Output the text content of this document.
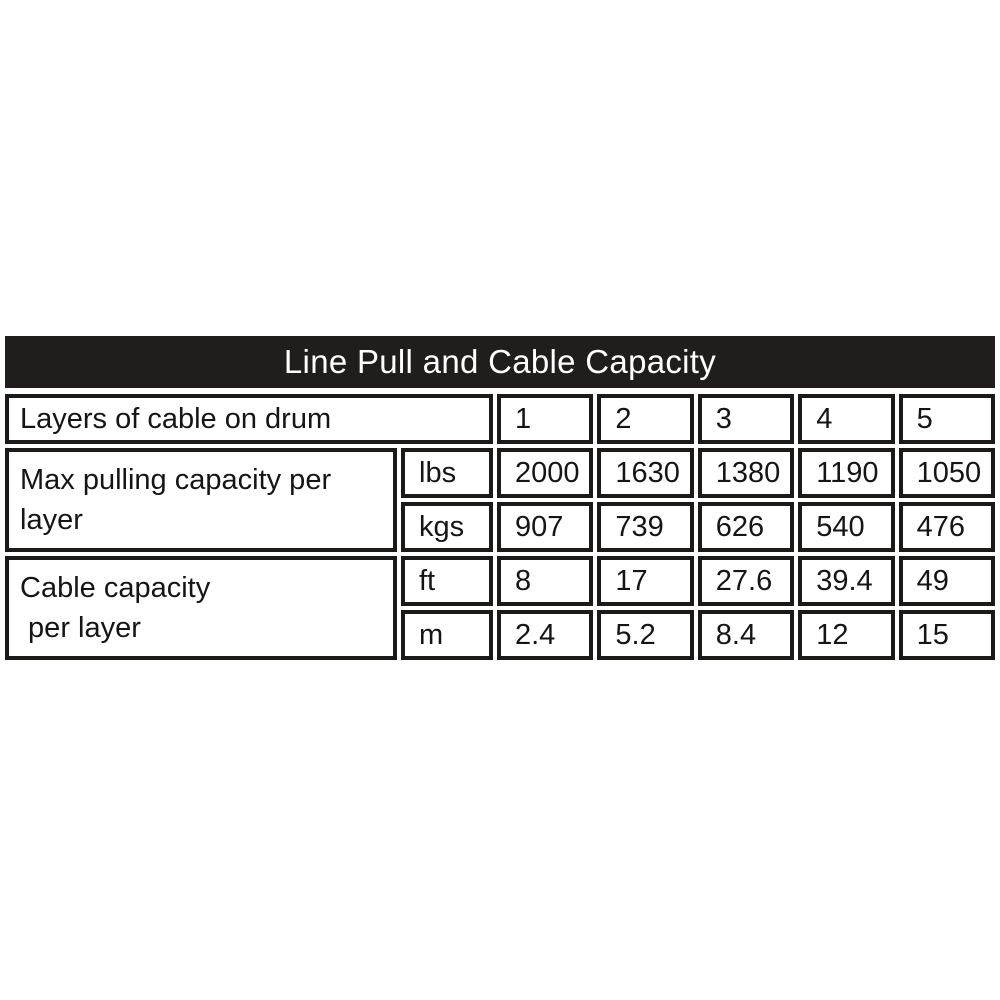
Line Pull and Cable Capacity
Layers of cable on drum	1	2	3	4	5
Max pulling capacity per
layer
lbs	2000	1630	1380	1190	1050
kgs	907	739	626	540	476
Cable capacity
per layer
ft	8	17	27.6	39.4	49
m	2.4	5.2	8.4	12	15
